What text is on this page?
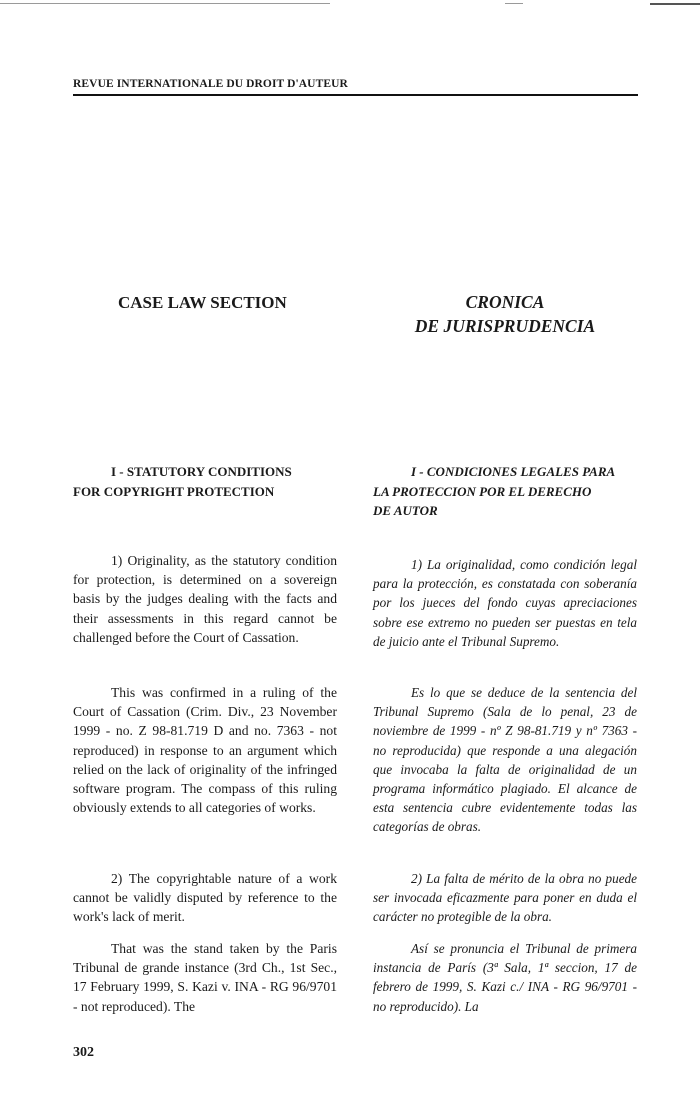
REVUE INTERNATIONALE DU DROIT D'AUTEUR
CASE LAW SECTION	CRONICA
DE JURISPRUDENCIA
I - STATUTORY CONDITIONS
FOR COPYRIGHT PROTECTION
I - CONDICIONES LEGALES PARA
LA PROTECCION POR EL DERECHO
DE AUTOR

1) Originality, as the statutory condition for protection, is determined on a sovereign basis by the judges dealing with the facts and their assessments in this regard cannot be challenged before the Court of Cassation.

This was confirmed in a ruling of the Court of Cassation (Crim. Div., 23 November 1999 - no. Z 98-81.719 D and no. 7363 - not reproduced) in response to an argument which relied on the lack of originality of the infringed software program. The compass of this ruling obviously extends to all categories of works.

2) The copyrightable nature of a work cannot be validly disputed by reference to the work's lack of merit.

That was the stand taken by the Paris Tribunal de grande instance (3rd Ch., 1st Sec., 17 February 1999, S. Kazi v. INA - RG 96/9701 - not reproduced). The

1) La originalidad, como condición legal para la protección, es constatada con soberanía por los jueces del fondo cuyas apreciaciones sobre ese extremo no pueden ser puestas en tela de juicio ante el Tribunal Supremo.

Es lo que se deduce de la sentencia del Tribunal Supremo (Sala de lo penal, 23 de noviembre de 1999 - nº Z 98-81.719 y nº 7363 - no reproducida) que responde a una alegación que invocaba la falta de originalidad de un programa informático plagiado. El alcance de esta sentencia cubre evidentemente todas las categorías de obras.

2) La falta de mérito de la obra no puede ser invocada eficazmente para poner en duda el carácter no protegible de la obra.

Así se pronuncia el Tribunal de primera instancia de París (3ª Sala, 1ª seccion, 17 de febrero de 1999, S. Kazi c./ INA - RG 96/9701 - no reproducido). La

302
